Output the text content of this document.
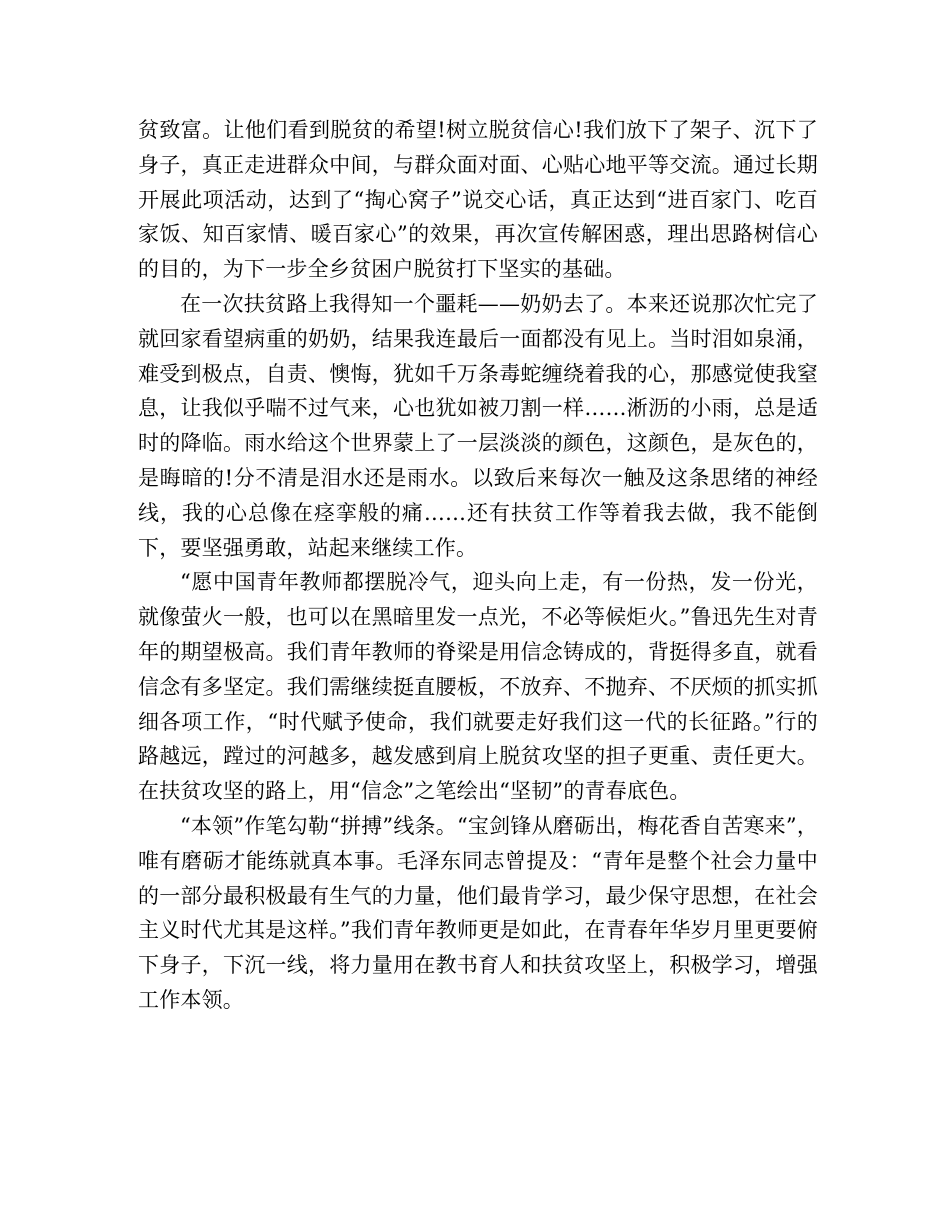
贫致富。让他们看到脱贫的希望!树立脱贫信心!我们放下了架子、沉下了身子，真正走进群众中间，与群众面对面、心贴心地平等交流。通过长期开展此项活动，达到了“掏心窝子”说交心话，真正达到“进百家门、吃百家饭、知百家情、暖百家心”的效果，再次宣传解困惑，理出思路树信心的目的，为下一步全乡贫困户脱贫打下坚实的基础。

在一次扶贫路上我得知一个噩耗——奶奶去了。本来还说那次忙完了就回家看望病重的奶奶，结果我连最后一面都没有见上。当时泪如泉涌，难受到极点，自责、懊悔，犹如千万条毒蛇缠绕着我的心，那感觉使我窒息，让我似乎喘不过气来，心也犹如被刀割一样……淅沥的小雨，总是适时的降临。雨水给这个世界蒙上了一层淡淡的颜色，这颜色，是灰色的，是晦暗的!分不清是泪水还是雨水。以致后来每次一触及这条思绪的神经线，我的心总像在痉挛般的痛……还有扶贫工作等着我去做，我不能倒下，要坚强勇敢，站起来继续工作。

“愿中国青年教师都摆脱冷气，迎头向上走，有一份热，发一份光，就像萤火一般，也可以在黑暗里发一点光，不必等候炬火。”鲁迅先生对青年的期望极高。我们青年教师的脊梁是用信念铸成的，背挺得多直，就看信念有多坚定。我们需继续挺直腰板，不放弃、不抛弃、不厌烦的抓实抓细各项工作，“时代赋予使命，我们就要走好我们这一代的长征路。”行的路越远，蹚过的河越多，越发感到肩上脱贫攻坚的担子更重、责任更大。在扶贫攻坚的路上，用“信念”之笔绘出“坚韧”的青春底色。

“本领”作笔勾勒“拼搏”线条。“宝剑锋从磨砺出，梅花香自苦寒来”，唯有磨砺才能练就真本事。毛泽东同志曾提及：“青年是整个社会力量中的一部分最积极最有生气的力量，他们最肯学习，最少保守思想，在社会主义时代尤其是这样。”我们青年教师更是如此，在青春年华岁月里更要俯下身子，下沉一线，将力量用在教书育人和扶贫攻坚上，积极学习，增强工作本领。
